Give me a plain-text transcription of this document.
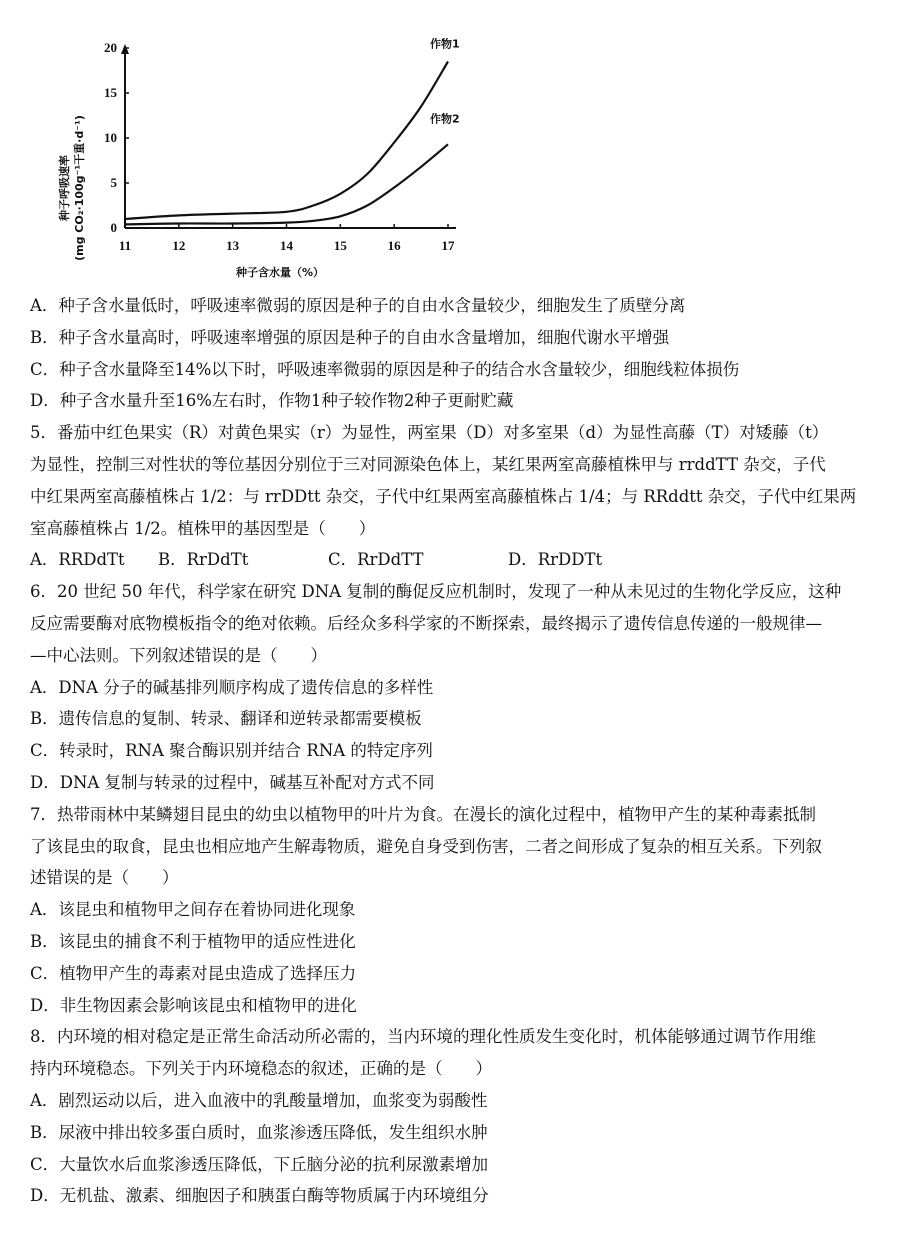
11	12	13	14	15	16	17
0
5
10
15
20	作物1
作物2
种子呼吸速率 (mg CO₂·100g⁻¹干重·d⁻¹)
种子含水量（%）
A．种子含水量低时，呼吸速率微弱的原因是种子的自由水含量较少，细胞发生了质壁分离
B．种子含水量高时，呼吸速率增强的原因是种子的自由水含量增加，细胞代谢水平增强
C．种子含水量降至14%以下时，呼吸速率微弱的原因是种子的结合水含量较少，细胞线粒体损伤
D．种子含水量升至16%左右时，作物1种子较作物2种子更耐贮藏
5．番茄中红色果实（R）对黄色果实（r）为显性，两室果（D）对多室果（d）为显性高藤（T）对矮藤（t）
为显性，控制三对性状的等位基因分别位于三对同源染色体上，某红果两室高藤植株甲与 rrddTT 杂交，子代
中红果两室高藤植株占 1/2：与 rrDDtt 杂交，子代中红果两室高藤植株占 1/4；与 RRddtt 杂交，子代中红果两
室高藤植株占 1/2。植株甲的基因型是（　　）
A．RRDdTt	B．RrDdTt	C．RrDdTT	D．RrDDTt
6．20 世纪 50 年代，科学家在研究 DNA 复制的酶促反应机制时，发现了一种从未见过的生物化学反应，这种
反应需要酶对底物模板指令的绝对依赖。后经众多科学家的不断探索，最终揭示了遗传信息传递的一般规律—
—中心法则。下列叙述错误的是（　　）
A．DNA 分子的碱基排列顺序构成了遗传信息的多样性
B．遗传信息的复制、转录、翻译和逆转录都需要模板
C．转录时，RNA 聚合酶识别并结合 RNA 的特定序列
D．DNA 复制与转录的过程中，碱基互补配对方式不同
7．热带雨林中某鳞翅目昆虫的幼虫以植物甲的叶片为食。在漫长的演化过程中，植物甲产生的某种毒素抵制
了该昆虫的取食，昆虫也相应地产生解毒物质，避免自身受到伤害，二者之间形成了复杂的相互关系。下列叙
述错误的是（　　）
A．该昆虫和植物甲之间存在着协同进化现象
B．该昆虫的捕食不利于植物甲的适应性进化
C．植物甲产生的毒素对昆虫造成了选择压力
D．非生物因素会影响该昆虫和植物甲的进化
8．内环境的相对稳定是正常生命活动所必需的，当内环境的理化性质发生变化时，机体能够通过调节作用维
持内环境稳态。下列关于内环境稳态的叙述，正确的是（　　）
A．剧烈运动以后，进入血液中的乳酸量增加，血浆变为弱酸性
B．尿液中排出较多蛋白质时，血浆渗透压降低，发生组织水肿
C．大量饮水后血浆渗透压降低，下丘脑分泌的抗利尿激素增加
D．无机盐、激素、细胞因子和胰蛋白酶等物质属于内环境组分
